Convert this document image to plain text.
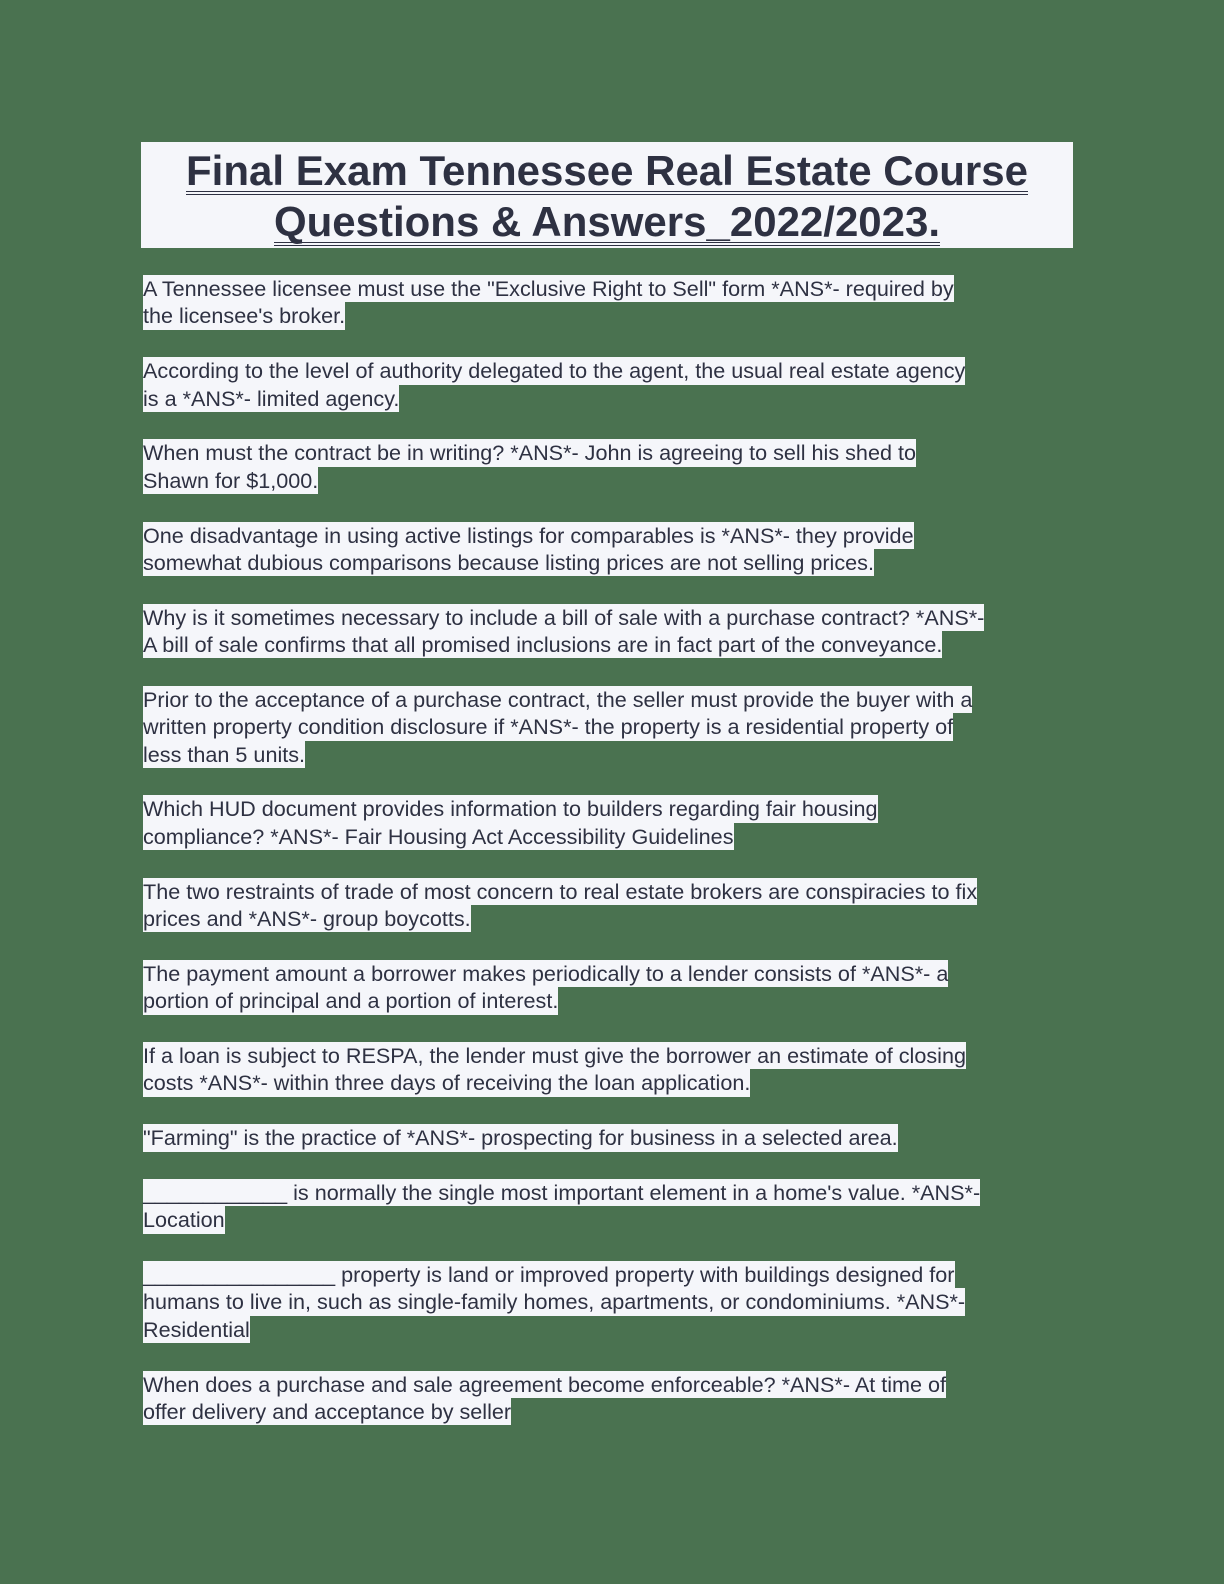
Final Exam Tennessee Real Estate Course
Questions & Answers_2022/2023.
A Tennessee licensee must use the "Exclusive Right to Sell" form *ANS*- required by
the licensee's broker.
According to the level of authority delegated to the agent, the usual real estate agency
is a *ANS*- limited agency.
When must the contract be in writing? *ANS*- John is agreeing to sell his shed to
Shawn for $1,000.
One disadvantage in using active listings for comparables is *ANS*- they provide
somewhat dubious comparisons because listing prices are not selling prices.
Why is it sometimes necessary to include a bill of sale with a purchase contract? *ANS*-
A bill of sale confirms that all promised inclusions are in fact part of the conveyance.
Prior to the acceptance of a purchase contract, the seller must provide the buyer with a
written property condition disclosure if *ANS*- the property is a residential property of
less than 5 units.
Which HUD document provides information to builders regarding fair housing
compliance? *ANS*- Fair Housing Act Accessibility Guidelines
The two restraints of trade of most concern to real estate brokers are conspiracies to fix
prices and *ANS*- group boycotts.
The payment amount a borrower makes periodically to a lender consists of *ANS*- a
portion of principal and a portion of interest.
If a loan is subject to RESPA, the lender must give the borrower an estimate of closing
costs *ANS*- within three days of receiving the loan application.
"Farming" is the practice of *ANS*- prospecting for business in a selected area.
____________ is normally the single most important element in a home's value. *ANS*-
Location
________________ property is land or improved property with buildings designed for
humans to live in, such as single-family homes, apartments, or condominiums. *ANS*-
Residential
When does a purchase and sale agreement become enforceable? *ANS*- At time of
offer delivery and acceptance by seller
